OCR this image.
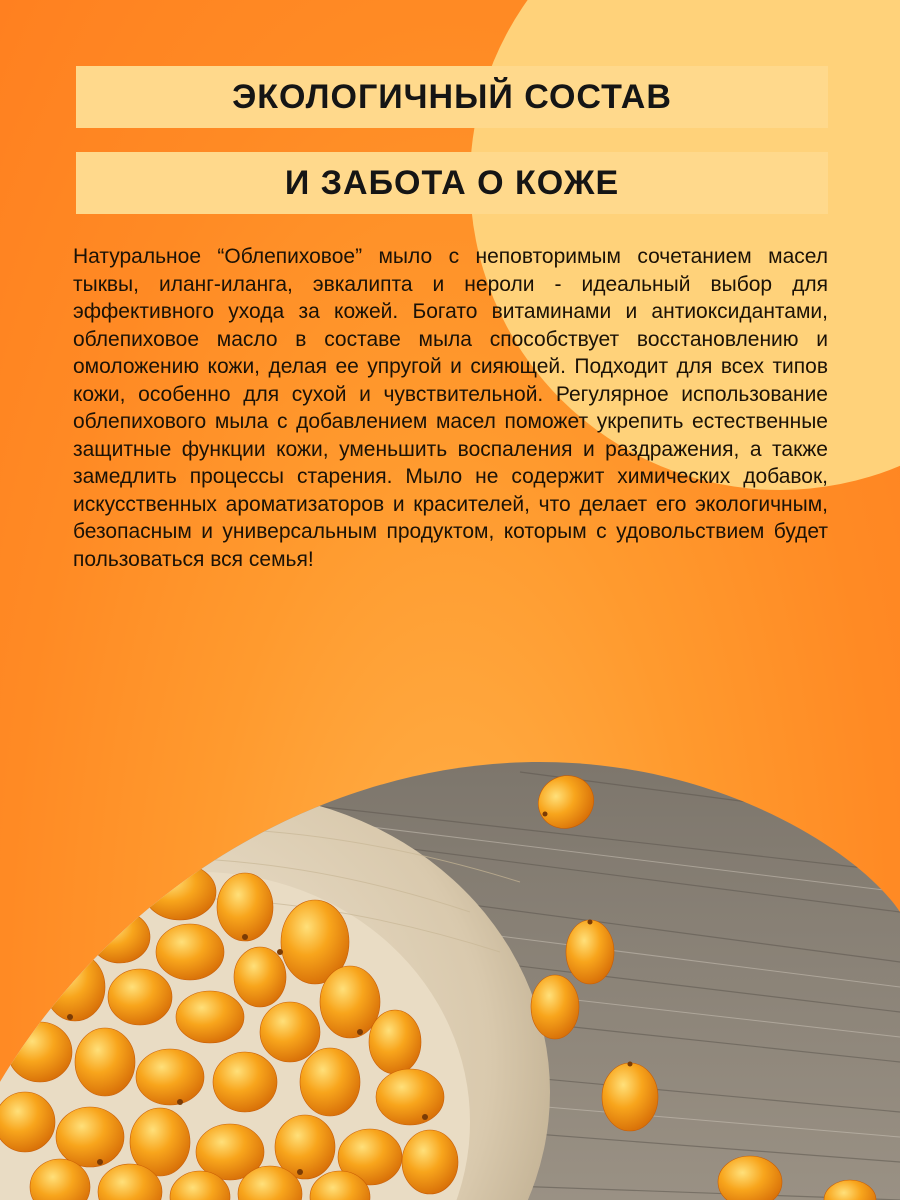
ЭКОЛОГИЧНЫЙ СОСТАВ
И ЗАБОТА О КОЖЕ

Натуральное “Облепиховое” мыло с неповторимым сочетанием масел тыквы, иланг-иланга, эвкалипта и нероли - идеальный выбор для эффективного ухода за кожей. Богато витаминами и антиоксидантами, облепиховое масло в составе мыла способствует восстановлению и омоложению кожи, делая ее упругой и сияющей. Подходит для всех типов кожи, особенно для сухой и чувствительной. Регулярное использование облепихового мыла с добавлением масел поможет укрепить естественные защитные функции кожи, уменьшить воспаления и раздражения, а также замедлить процессы старения. Мыло не содержит химических добавок, искусственных ароматизаторов и красителей, что делает его экологичным, безопасным и универсальным продуктом, которым с удовольствием будет пользоваться вся семья!
